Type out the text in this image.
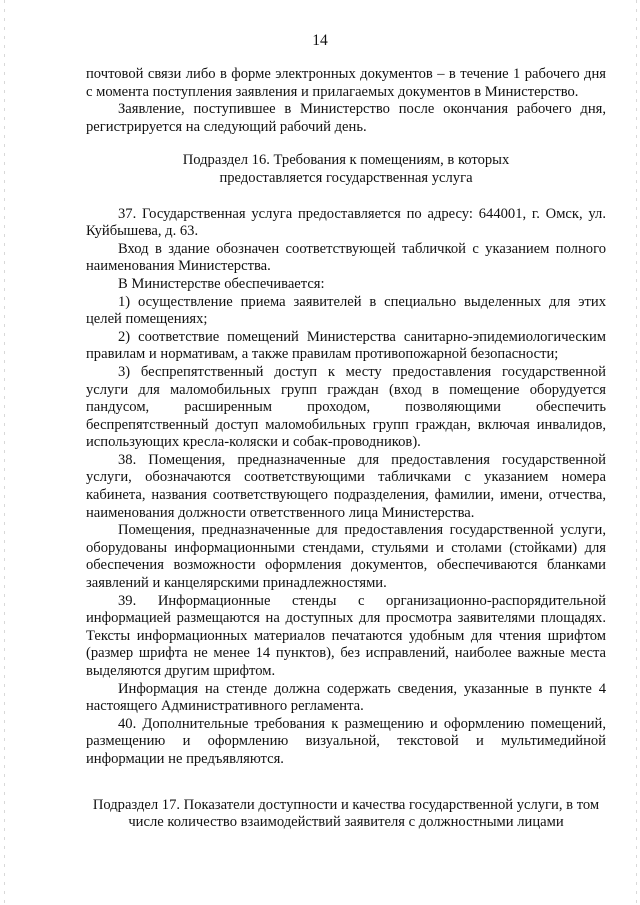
14

почтовой связи либо в форме электронных документов – в течение 1 рабочего дня с момента поступления заявления и прилагаемых документов в Министерство.

Заявление, поступившее в Министерство после окончания рабочего дня, регистрируется на следующий рабочий день.

Подраздел 16. Требования к помещениям, в которых

предоставляется государственная услуга

37. Государственная услуга предоставляется по адресу: 644001, г. Омск, ул. Куйбышева, д. 63.

Вход в здание обозначен соответствующей табличкой с указанием полного наименования Министерства.

В Министерстве обеспечивается:

1) осуществление приема заявителей в специально выделенных для этих целей помещениях;

2) соответствие помещений Министерства санитарно-эпидемиологическим правилам и нормативам, а также правилам противопожарной безопасности;

3) беспрепятственный доступ к месту предоставления государственной услуги для маломобильных групп граждан (вход в помещение оборудуется пандусом, расширенным проходом, позволяющими обеспечить беспрепятственный доступ маломобильных групп граждан, включая инвалидов, использующих кресла-коляски и собак-проводников).

38. Помещения, предназначенные для предоставления государственной услуги, обозначаются соответствующими табличками с указанием номера кабинета, названия соответствующего подразделения, фамилии, имени, отчества, наименования должности ответственного лица Министерства.

Помещения, предназначенные для предоставления государственной услуги, оборудованы информационными стендами, стульями и столами (стойками) для обеспечения возможности оформления документов, обеспечиваются бланками заявлений и канцелярскими принадлежностями.

39. Информационные стенды с организационно-распорядительной информацией размещаются на доступных для просмотра заявителями площадях. Тексты информационных материалов печатаются удобным для чтения шрифтом (размер шрифта не менее 14 пунктов), без исправлений, наиболее важные места выделяются другим шрифтом.

Информация на стенде должна содержать сведения, указанные в пункте 4 настоящего Административного регламента.

40. Дополнительные требования к размещению и оформлению помещений, размещению и оформлению визуальной, текстовой и мультимедийной информации не предъявляются.

Подраздел 17. Показатели доступности и качества государственной услуги, в том

числе количество взаимодействий заявителя с должностными лицами
